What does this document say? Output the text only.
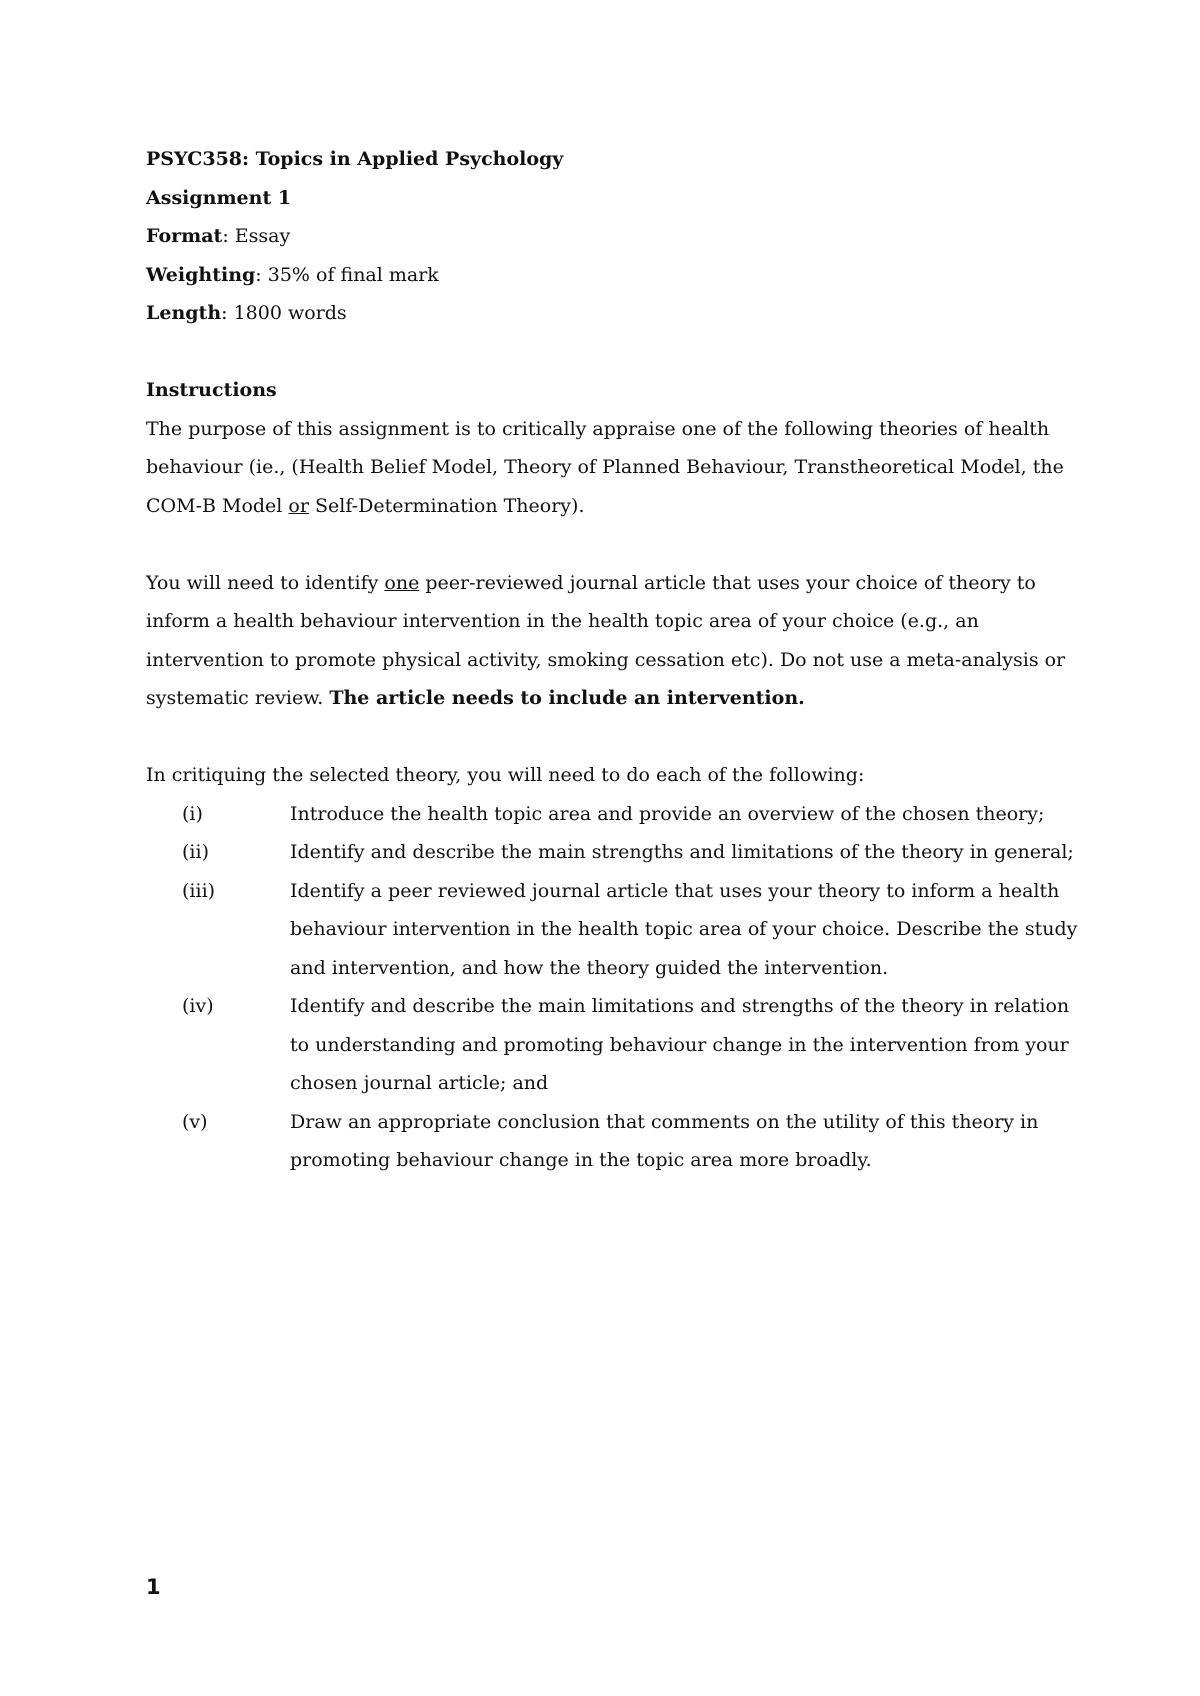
PSYC358: Topics in Applied Psychology
Assignment 1
Format: Essay
Weighting: 35% of final mark
Length: 1800 words
Instructions
The purpose of this assignment is to critically appraise one of the following theories of health behaviour (ie., (Health Belief Model, Theory of Planned Behaviour, Transtheoretical Model, the COM-B Model or Self-Determination Theory).
You will need to identify one peer-reviewed journal article that uses your choice of theory to inform a health behaviour intervention in the health topic area of your choice (e.g., an intervention to promote physical activity, smoking cessation etc). Do not use a meta-analysis or systematic review. The article needs to include an intervention.
In critiquing the selected theory, you will need to do each of the following:
(i)	Introduce the health topic area and provide an overview of the chosen theory;
(ii)	Identify and describe the main strengths and limitations of the theory in general;
(iii)	Identify a peer reviewed journal article that uses your theory to inform a health behaviour intervention in the health topic area of your choice. Describe the study and intervention, and how the theory guided the intervention.
(iv)	Identify and describe the main limitations and strengths of the theory in relation to understanding and promoting behaviour change in the intervention from your chosen journal article; and
(v)	Draw an appropriate conclusion that comments on the utility of this theory in promoting behaviour change in the topic area more broadly.
1
